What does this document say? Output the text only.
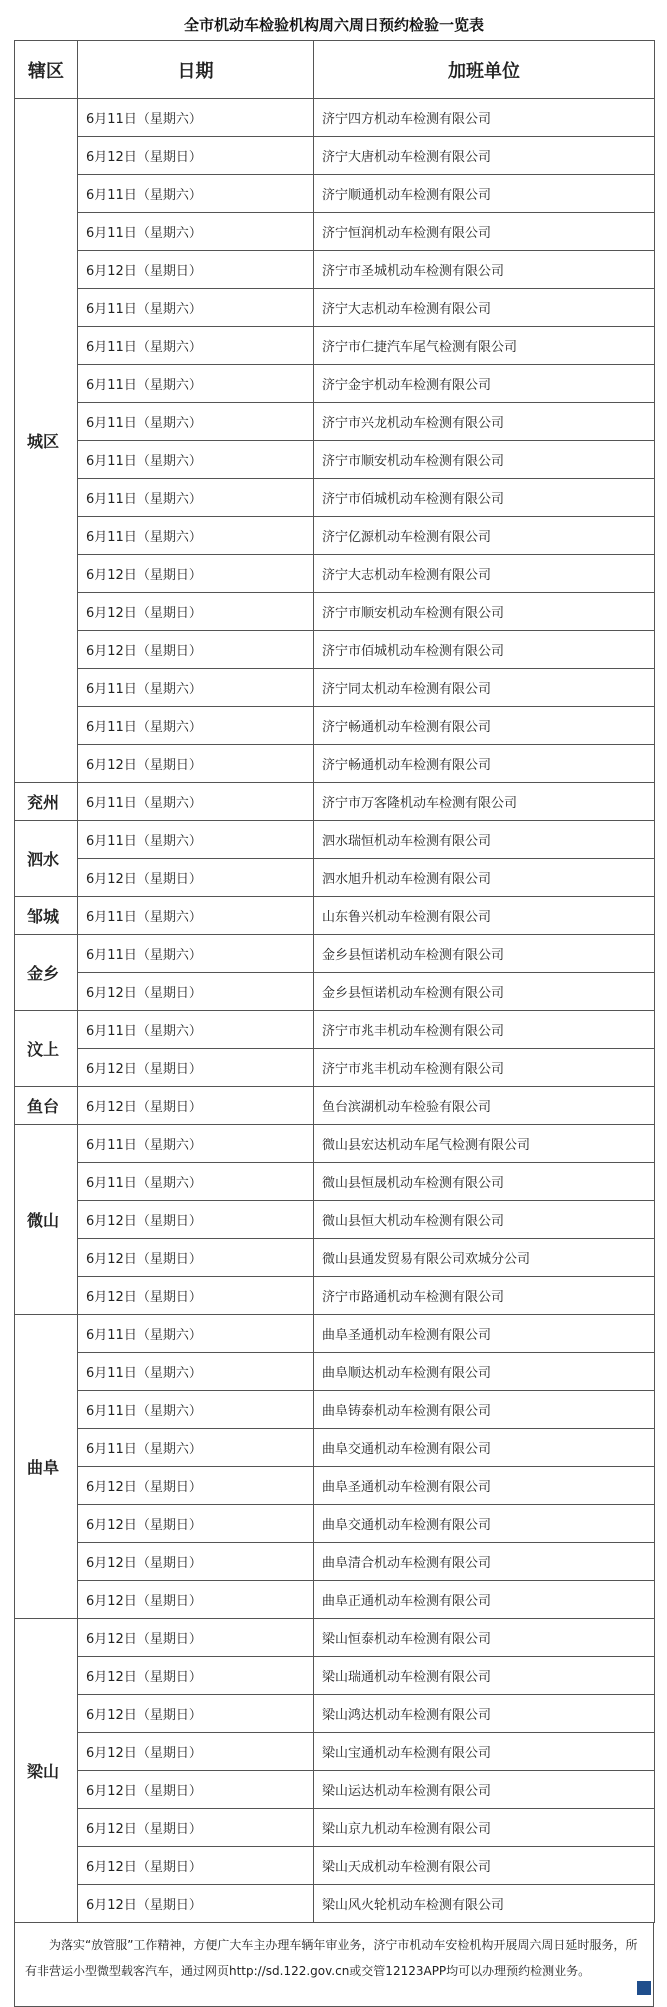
全市机动车检验机构周六周日预约检验一览表
辖区	日期	加班单位
城区	6月11日（星期六）	济宁四方机动车检测有限公司
	6月12日（星期日）	济宁大唐机动车检测有限公司
	6月11日（星期六）	济宁顺通机动车检测有限公司
	6月11日（星期六）	济宁恒润机动车检测有限公司
	6月12日（星期日）	济宁市圣城机动车检测有限公司
	6月11日（星期六）	济宁大志机动车检测有限公司
	6月11日（星期六）	济宁市仁捷汽车尾气检测有限公司
	6月11日（星期六）	济宁金宇机动车检测有限公司
	6月11日（星期六）	济宁市兴龙机动车检测有限公司
	6月11日（星期六）	济宁市顺安机动车检测有限公司
	6月11日（星期六）	济宁市佰城机动车检测有限公司
	6月11日（星期六）	济宁亿源机动车检测有限公司
	6月12日（星期日）	济宁大志机动车检测有限公司
	6月12日（星期日）	济宁市顺安机动车检测有限公司
	6月12日（星期日）	济宁市佰城机动车检测有限公司
	6月11日（星期六）	济宁同太机动车检测有限公司
	6月11日（星期六）	济宁畅通机动车检测有限公司
	6月12日（星期日）	济宁畅通机动车检测有限公司
兖州	6月11日（星期六）	济宁市万客隆机动车检测有限公司
泗水	6月11日（星期六）	泗水瑞恒机动车检测有限公司
	6月12日（星期日）	泗水旭升机动车检测有限公司
邹城	6月11日（星期六）	山东鲁兴机动车检测有限公司
金乡	6月11日（星期六）	金乡县恒诺机动车检测有限公司
	6月12日（星期日）	金乡县恒诺机动车检测有限公司
汶上	6月11日（星期六）	济宁市兆丰机动车检测有限公司
	6月12日（星期日）	济宁市兆丰机动车检测有限公司
鱼台	6月12日（星期日）	鱼台滨湖机动车检验有限公司
微山	6月11日（星期六）	微山县宏达机动车尾气检测有限公司
	6月11日（星期六）	微山县恒晟机动车检测有限公司
	6月12日（星期日）	微山县恒大机动车检测有限公司
	6月12日（星期日）	微山县通发贸易有限公司欢城分公司
	6月12日（星期日）	济宁市路通机动车检测有限公司
曲阜	6月11日（星期六）	曲阜圣通机动车检测有限公司
	6月11日（星期六）	曲阜顺达机动车检测有限公司
	6月11日（星期六）	曲阜铸泰机动车检测有限公司
	6月11日（星期六）	曲阜交通机动车检测有限公司
	6月12日（星期日）	曲阜圣通机动车检测有限公司
	6月12日（星期日）	曲阜交通机动车检测有限公司
	6月12日（星期日）	曲阜清合机动车检测有限公司
	6月12日（星期日）	曲阜正通机动车检测有限公司
梁山	6月12日（星期日）	梁山恒泰机动车检测有限公司
	6月12日（星期日）	梁山瑞通机动车检测有限公司
	6月12日（星期日）	梁山鸿达机动车检测有限公司
	6月12日（星期日）	梁山宝通机动车检测有限公司
	6月12日（星期日）	梁山运达机动车检测有限公司
	6月12日（星期日）	梁山京九机动车检测有限公司
	6月12日（星期日）	梁山天成机动车检测有限公司
	6月12日（星期日）	梁山风火轮机动车检测有限公司
为落实“放管服”工作精神，方便广大车主办理车辆年审业务，济宁市机动车安检机构开展周六周日延时服务，所有非营运小型微型载客汽车，通过网页http://sd.122.gov.cn或交管12123APP均可以办理预约检测业务。
